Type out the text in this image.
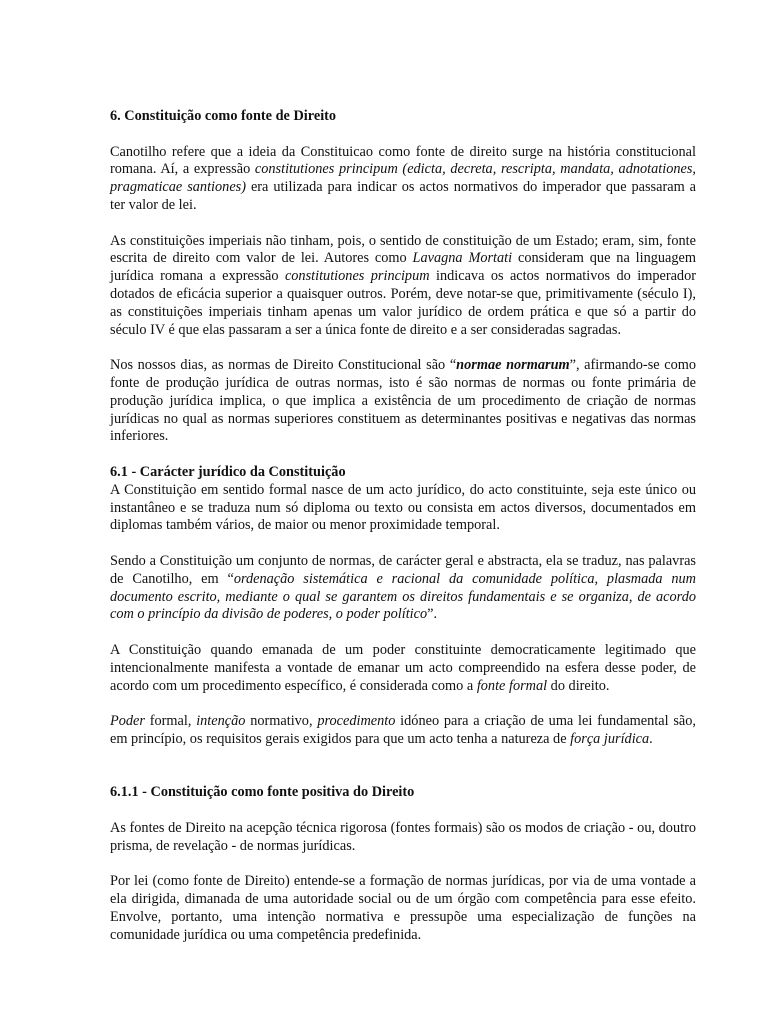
6. Constituição como fonte de Direito

Canotilho refere que a ideia da Constituicao como fonte de direito surge na história constitucional romana. Aí, a expressão constitutiones principum (edicta, decreta, rescripta, mandata, adnotationes, pragmaticae santiones) era utilizada para indicar os actos normativos do imperador que passaram a ter valor de lei.

As constituições imperiais não tinham, pois, o sentido de constituição de um Estado; eram, sim, fonte escrita de direito com valor de lei. Autores como Lavagna Mortati consideram que na linguagem jurídica romana a expressão constitutiones principum indicava os actos normativos do imperador dotados de eficácia superior a quaisquer outros. Porém, deve notar-se que, primitivamente (século I), as constituições imperiais tinham apenas um valor jurídico de ordem prática e que só a partir do século IV é que elas passaram a ser a única fonte de direito e a ser consideradas sagradas.

Nos nossos dias, as normas de Direito Constitucional são “normae normarum”, afirmando-se como fonte de produção jurídica de outras normas, isto é são normas de normas ou fonte primária de produção jurídica implica, o que implica a existência de um procedimento de criação de normas jurídicas no qual as normas superiores constituem as determinantes positivas e negativas das normas inferiores.

6.1 - Carácter jurídico da Constituição

A Constituição em sentido formal nasce de um acto jurídico, do acto constituinte, seja este único ou instantâneo e se traduza num só diploma ou texto ou consista em actos diversos, documentados em diplomas também vários, de maior ou menor proximidade temporal.

Sendo a Constituição um conjunto de normas, de carácter geral e abstracta, ela se traduz, nas palavras de Canotilho, em “ordenação sistemática e racional da comunidade política, plasmada num documento escrito, mediante o qual se garantem os direitos fundamentais e se organiza, de acordo com o princípio da divisão de poderes, o poder político”.

A Constituição quando emanada de um poder constituinte democraticamente legitimado que intencionalmente manifesta a vontade de emanar um acto compreendido na esfera desse poder, de acordo com um procedimento específico, é considerada como a fonte formal do direito.

Poder formal, intenção normativo, procedimento idóneo para a criação de uma lei fundamental são, em princípio, os requisitos gerais exigidos para que um acto tenha a natureza de força jurídica.

6.1.1 - Constituição como fonte positiva do Direito

As fontes de Direito na acepção técnica rigorosa (fontes formais) são os modos de criação - ou, doutro prisma, de revelação - de normas jurídicas.

Por lei (como fonte de Direito) entende-se a formação de normas jurídicas, por via de uma vontade a ela dirigida, dimanada de uma autoridade social ou de um órgão com competência para esse efeito. Envolve, portanto, uma intenção normativa e pressupõe uma especialização de funções na comunidade jurídica ou uma competência predefinida.
